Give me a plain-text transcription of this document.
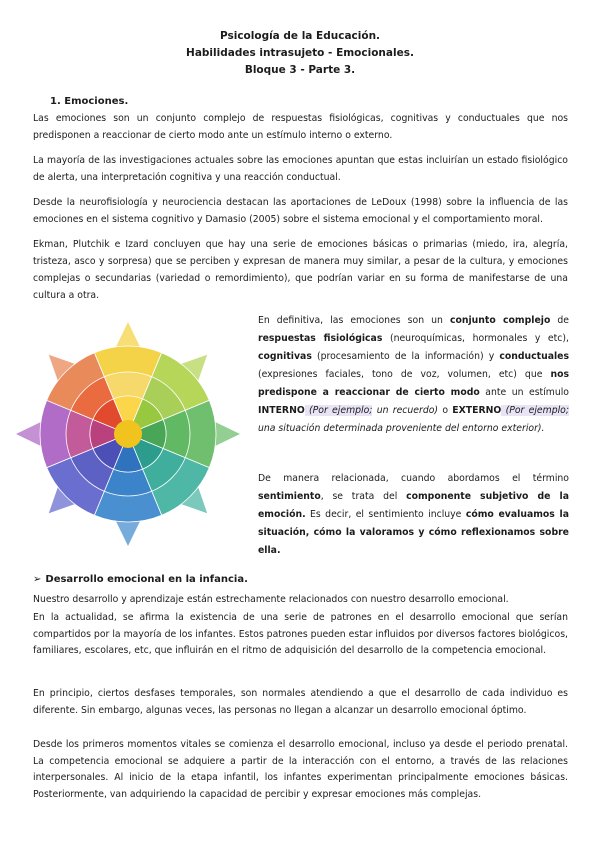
Psicología de la Educación.
Habilidades intrasujeto - Emocionales.
Bloque 3 - Parte 3.
1. Emociones.
Las emociones son un conjunto complejo de respuestas fisiológicas, cognitivas y conductuales que nos predisponen a reaccionar de cierto modo ante un estímulo interno o externo.
La mayoría de las investigaciones actuales sobre las emociones apuntan que estas incluirían un estado fisiológico de alerta, una interpretación cognitiva y una reacción conductual.
Desde la neurofisiología y neurociencia destacan las aportaciones de LeDoux (1998) sobre la influencia de las emociones en el sistema cognitivo y Damasio (2005) sobre el sistema emocional y el comportamiento moral.
Ekman, Plutchik e Izard concluyen que hay una serie de emociones básicas o primarias (miedo, ira, alegría, tristeza, asco y sorpresa) que se perciben y expresan de manera muy similar, a pesar de la cultura, y emociones complejas o secundarias (variedad o remordimiento), que podrían variar en su forma de manifestarse de una cultura a otra.
En definitiva, las emociones son un conjunto complejo de respuestas fisiológicas (neuroquímicas, hormonales y etc), cognitivas (procesamiento de la información) y conductuales (expresiones faciales, tono de voz, volumen, etc) que nos predispone a reaccionar de cierto modo ante un estímulo INTERNO (Por ejemplo; un recuerdo) o EXTERNO (Por ejemplo; una situación determinada proveniente del entorno exterior).
De manera relacionada, cuando abordamos el término sentimiento, se trata del componente subjetivo de la emoción. Es decir, el sentimiento incluye cómo evaluamos la situación, cómo la valoramos y cómo reflexionamos sobre ella.
➢ Desarrollo emocional en la infancia.
Nuestro desarrollo y aprendizaje están estrechamente relacionados con nuestro desarrollo emocional.
En la actualidad, se afirma la existencia de una serie de patrones en el desarrollo emocional que serían compartidos por la mayoría de los infantes. Estos patrones pueden estar influidos por diversos factores biológicos, familiares, escolares, etc, que influirán en el ritmo de adquisición del desarrollo de la competencia emocional.
En principio, ciertos desfases temporales, son normales atendiendo a que el desarrollo de cada individuo es diferente. Sin embargo, algunas veces, las personas no llegan a alcanzar un desarrollo emocional óptimo.
Desde los primeros momentos vitales se comienza el desarrollo emocional, incluso ya desde el periodo prenatal. La competencia emocional se adquiere a partir de la interacción con el entorno, a través de las relaciones interpersonales. Al inicio de la etapa infantil, los infantes experimentan principalmente emociones básicas. Posteriormente, van adquiriendo la capacidad de percibir y expresar emociones más complejas.
